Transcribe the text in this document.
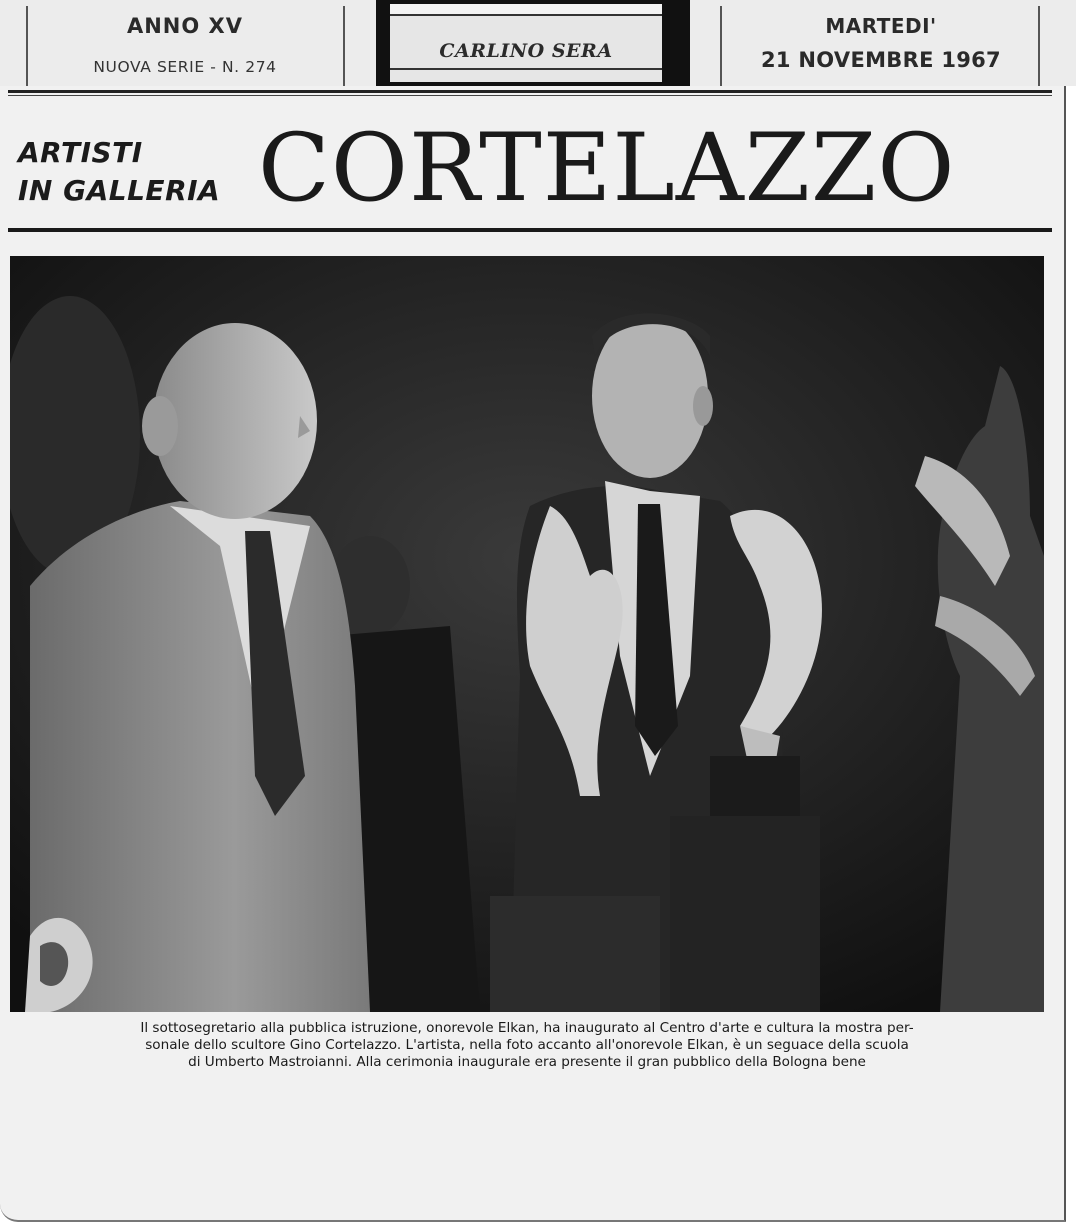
ANNO XV
NUOVA SERIE - N. 274
CARLINO SERA
MARTEDI'
21 NOVEMBRE 1967
ARTISTI
IN GALLERIA CORTELAZZO
Il sottosegretario alla pubblica istruzione, onorevole Elkan, ha inaugurato al Centro d'arte e cultura la mostra per-
sonale dello scultore Gino Cortelazzo. L'artista, nella foto accanto all'onorevole Elkan, è un seguace della scuola
di Umberto Mastroianni. Alla cerimonia inaugurale era presente il gran pubblico della Bologna bene
